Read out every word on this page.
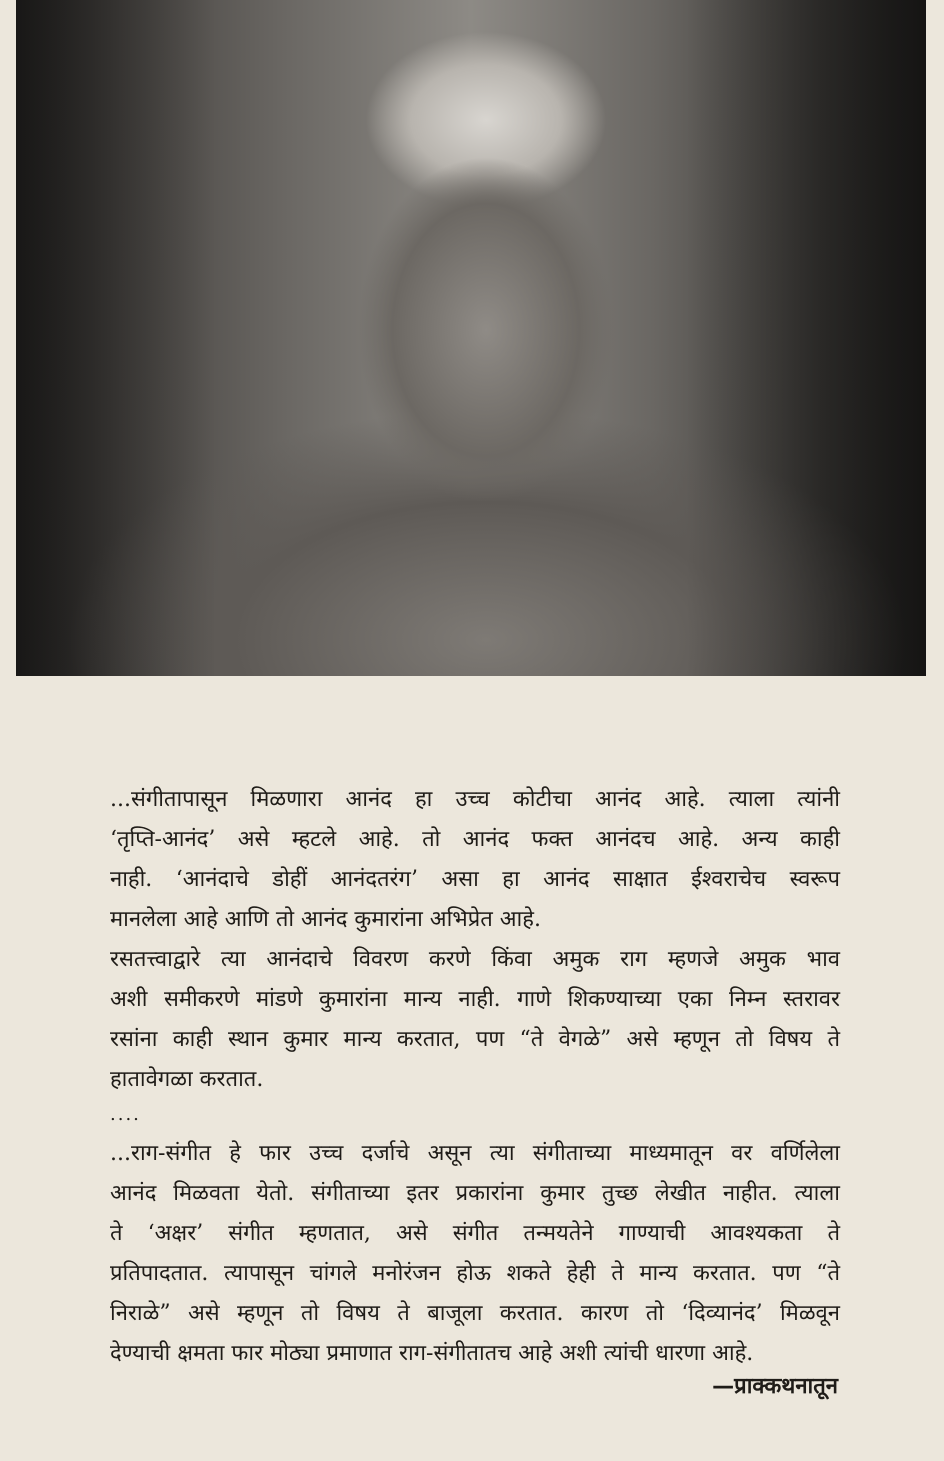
...संगीतापासून मिळणारा आनंद हा उच्च कोटीचा आनंद आहे. त्याला त्यांनी
‘तृप्ति-आनंद’ असे म्हटले आहे. तो आनंद फक्त आनंदच आहे. अन्य काही
नाही. ‘आनंदाचे डोहीं आनंदतरंग’ असा हा आनंद साक्षात ईश्वराचेच स्वरूप
मानलेला आहे आणि तो आनंद कुमारांना अभिप्रेत आहे.
रसतत्त्वाद्वारे त्या आनंदाचे विवरण करणे किंवा अमुक राग म्हणजे अमुक भाव
अशी समीकरणे मांडणे कुमारांना मान्य नाही. गाणे शिकण्याच्या एका निम्न स्तरावर
रसांना काही स्थान कुमार मान्य करतात, पण “ते वेगळे” असे म्हणून तो विषय ते
हातावेगळा करतात.
....
...राग-संगीत हे फार उच्च दर्जाचे असून त्या संगीताच्या माध्यमातून वर वर्णिलेला
आनंद मिळवता येतो. संगीताच्या इतर प्रकारांना कुमार तुच्छ लेखीत नाहीत. त्याला
ते ‘अक्षर’ संगीत म्हणतात, असे संगीत तन्मयतेने गाण्याची आवश्यकता ते
प्रतिपादतात. त्यापासून चांगले मनोरंजन होऊ शकते हेही ते मान्य करतात. पण “ते
निराळे” असे म्हणून तो विषय ते बाजूला करतात. कारण तो ‘दिव्यानंद’ मिळवून
देण्याची क्षमता फार मोठ्या प्रमाणात राग-संगीतातच आहे अशी त्यांची धारणा आहे.
—प्राक्कथनातून
